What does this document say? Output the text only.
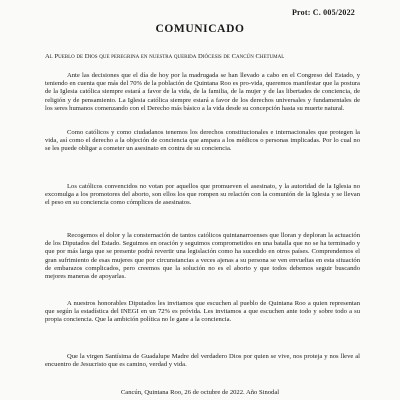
Prot: C. 005/2022
COMUNICADO
Al Pueblo de Dios que peregrina en nuestra querida Diócesis de Cancún Chetumal
Ante las decisiones que el día de hoy por la madrugada se han llevado a cabo en el Congreso del Estado, y teniendo en cuenta que más del 70% de la población de Quintana Roo es pro-vida, queremos manifestar que la postura de la Iglesia católica siempre estará a favor de la vida, de la familia, de la mujer y de las libertades de conciencia, de religión y de pensamiento. La Iglesia católica siempre estará a favor de los derechos universales y fundamentales de los seres humanos comenzando con el Derecho más básico a la vida desde su concepción hasta su muerte natural.
Como católicos y como ciudadanos tenemos los derechos constitucionales e internacionales que protegen la vida, así como el derecho a la objeción de conciencia que ampara a los médicos o personas implicadas. Por lo cual no se les puede obligar a cometer un asesinato en contra de su conciencia.
Los católicos convencidos no votan por aquellos que promueven el asesinato, y la autoridad de la Iglesia no excomulga a los promotores del aborto, son ellos los que rompen su relación con la comunión de la Iglesia y se llevan el peso en su conciencia como cómplices de asesinatos.
Recogemos el dolor y la consternación de tantos católicos quintanarroenses que lloran y deploran la actuación de los Diputados del Estado. Seguimos en oración y seguimos comprometidos en una batalla que no se ha terminado y que por más larga que se presente podrá revertir una legislación como ha sucedido en otros países. Comprendemos el gran sufrimiento de esas mujeres que por circunstancias a veces ajenas a su persona se ven envueltas en esta situación de embarazos complicados, pero creemos que la solución no es el aborto y que todos debemos seguir buscando mejores maneras de apoyarlas.
A nuestros honorables Diputados les invitamos que escuchen al pueblo de Quintana Roo a quien representan que según la estadística del INEGI en un 72% es próvida. Les invitamos a que escuchen ante todo y sobre todo a su propia conciencia. Que la ambición política no le gane a la conciencia.
Que la virgen Santísima de Guadalupe Madre del verdadero Dios por quien se vive, nos proteja y nos lleve al encuentro de Jesucristo que es camino, verdad y vida.
Cancún, Quintana Roo, 26 de octubre de 2022. Año Sinodal
